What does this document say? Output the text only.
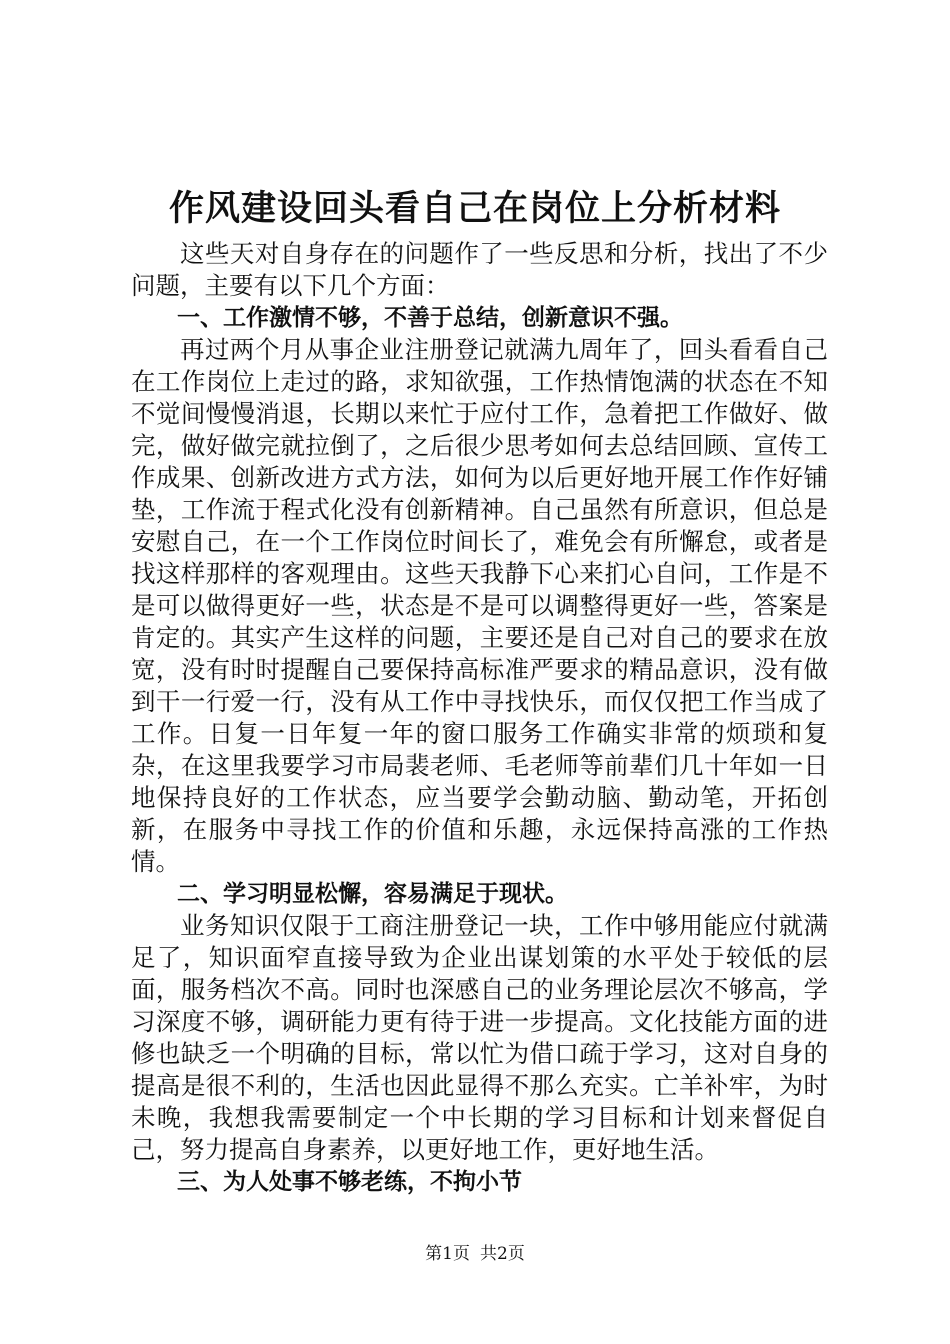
作风建设回头看自己在岗位上分析材料

这些天对自身存在的问题作了一些反思和分析，找出了不少问题，主要有以下几个方面：

一、工作激情不够，不善于总结，创新意识不强。

再过两个月从事企业注册登记就满九周年了，回头看看自己在工作岗位上走过的路，求知欲强，工作热情饱满的状态在不知不觉间慢慢消退，长期以来忙于应付工作，急着把工作做好、做完，做好做完就拉倒了，之后很少思考如何去总结回顾、宣传工作成果、创新改进方式方法，如何为以后更好地开展工作作好铺垫，工作流于程式化没有创新精神。自己虽然有所意识，但总是安慰自己，在一个工作岗位时间长了，难免会有所懈怠，或者是找这样那样的客观理由。这些天我静下心来扪心自问，工作是不是可以做得更好一些，状态是不是可以调整得更好一些，答案是肯定的。其实产生这样的问题，主要还是自己对自己的要求在放宽，没有时时提醒自己要保持高标准严要求的精品意识，没有做到干一行爱一行，没有从工作中寻找快乐，而仅仅把工作当成了工作。日复一日年复一年的窗口服务工作确实非常的烦琐和复杂，在这里我要学习市局裴老师、毛老师等前辈们几十年如一日地保持良好的工作状态，应当要学会勤动脑、勤动笔，开拓创新，在服务中寻找工作的价值和乐趣，永远保持高涨的工作热情。

二、学习明显松懈，容易满足于现状。

业务知识仅限于工商注册登记一块，工作中够用能应付就满足了，知识面窄直接导致为企业出谋划策的水平处于较低的层面，服务档次不高。同时也深感自己的业务理论层次不够高，学习深度不够，调研能力更有待于进一步提高。文化技能方面的进修也缺乏一个明确的目标，常以忙为借口疏于学习，这对自身的提高是很不利的，生活也因此显得不那么充实。亡羊补牢，为时未晚，我想我需要制定一个中长期的学习目标和计划来督促自己，努力提高自身素养，以更好地工作，更好地生活。

三、为人处事不够老练，不拘小节

第1页 共2页
